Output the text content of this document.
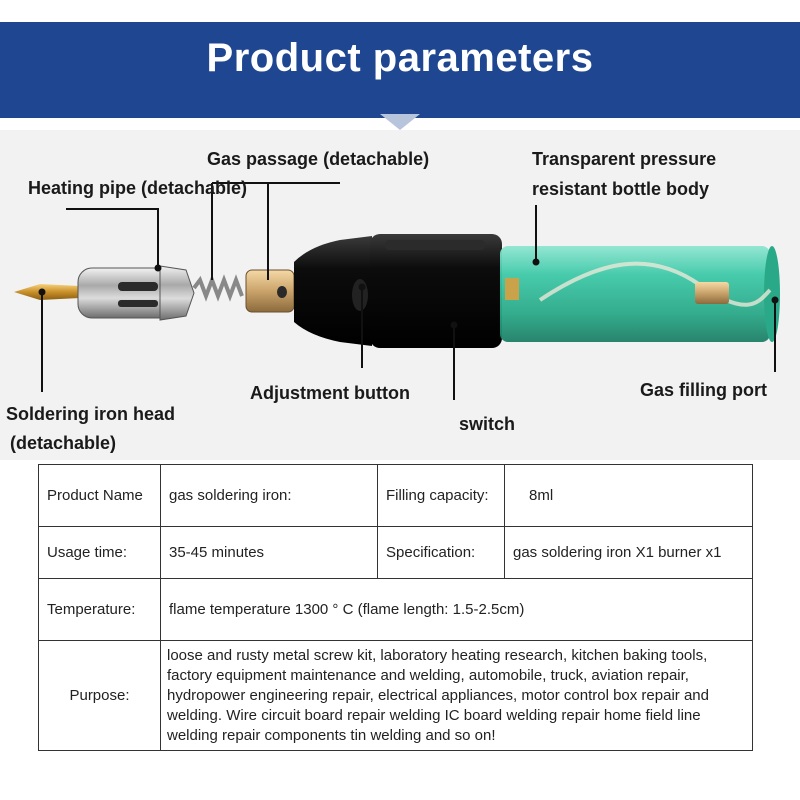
Product parameters
Gas passage (detachable)
Heating pipe (detachable)
Transparent pressure
resistant bottle body
Soldering iron head
(detachable)
Adjustment button
switch
Gas filling port
Product Name	gas soldering iron:	Filling capacity:	8ml
Usage time:	35-45 minutes	Specification:	gas soldering iron X1 burner x1
Temperature:	flame temperature 1300 ° C (flame length: 1.5-2.5cm)		
Purpose:	loose and rusty metal screw kit, laboratory heating research, kitchen baking tools, factory equipment maintenance and welding, automobile, truck, aviation repair, hydropower engineering repair, electrical appliances, motor control box repair and welding. Wire circuit board repair welding IC board welding repair home field line welding repair components tin welding and so on!		
